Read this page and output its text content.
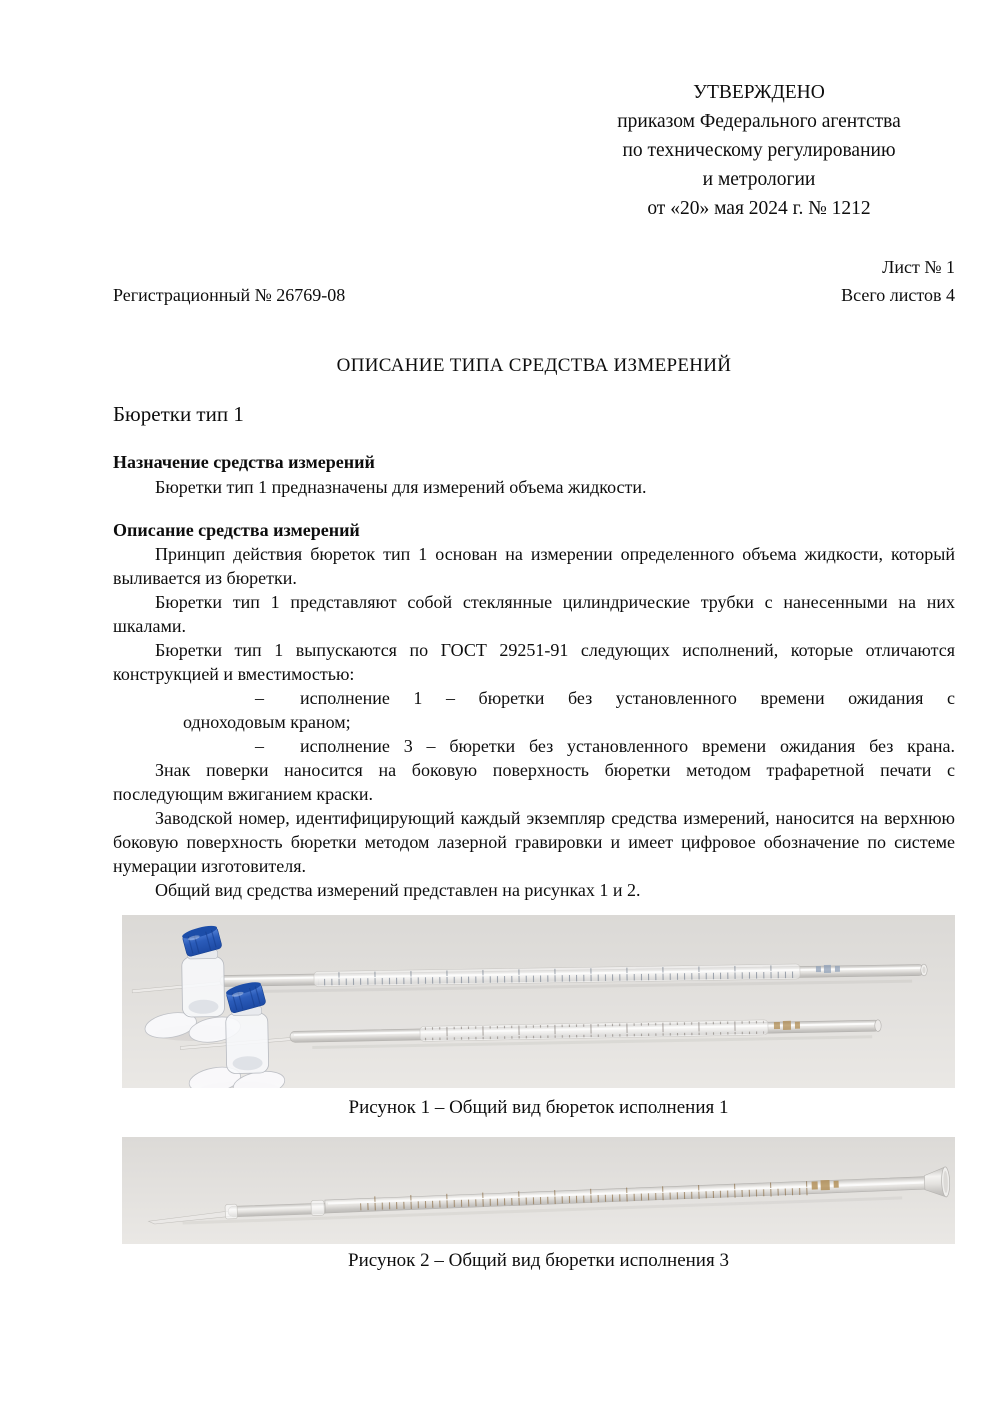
УТВЕРЖДЕНО
приказом Федерального агентства
по техническому регулированию
и метрологии
от «20» мая 2024 г. № 1212
Лист № 1
Регистрационный № 26769-08	Всего листов 4
ОПИСАНИЕ ТИПА СРЕДСТВА ИЗМЕРЕНИЙ
Бюретки тип 1
Назначение средства измерений

Бюретки тип 1 предназначены для измерений объема жидкости.

Описание средства измерений

Принцип действия бюреток тип 1 основан на измерении определенного объема жидкости, который выливается из бюретки.

Бюретки тип 1 представляют собой стеклянные цилиндрические трубки с нанесенными на них шкалами.

Бюретки тип 1 выпускаются по ГОСТ 29251-91 следующих исполнений, которые отличаются конструкцией и вместимостью:

–	исполнение 1 – бюретки без установленного времени ожидания с
одноходовым краном;
–	исполнение 3 – бюретки без установленного времени ожидания без крана.

Знак поверки наносится на боковую поверхность бюретки методом трафаретной печати с последующим вжиганием краски.

Заводской номер, идентифицирующий каждый экземпляр средства измерений, наносится на верхнюю боковую поверхность бюретки методом лазерной гравировки и имеет цифровое обозначение по системе нумерации изготовителя.

Общий вид средства измерений представлен на рисунках 1 и 2.

Рисунок 1 – Общий вид бюреток исполнения 1
Рисунок 2 – Общий вид бюретки исполнения 3
